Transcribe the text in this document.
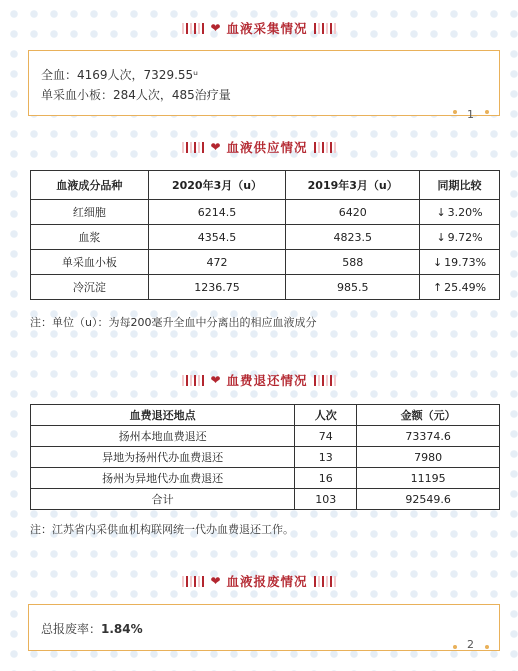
❤ 血液采集情况
全血：4169人次，7329.55ᵘ
单采血小板：284人次，485治疗量
1
❤ 血液供应情况
血液成分品种	2020年3月（u）	2019年3月（u）	同期比较
红细胞	6214.5	6420	↓ 3.20%
血浆	4354.5	4823.5	↓ 9.72%
单采血小板	472	588	↓ 19.73%
冷沉淀	1236.75	985.5	↑ 25.49%
注：单位（u）：为每200毫升全血中分离出的相应血液成分
❤ 血费退还情况
血费退还地点	人次	金额（元）
扬州本地血费退还	74	73374.6
异地为扬州代办血费退还	13	7980
扬州为异地代办血费退还	16	11195
合计	103	92549.6
注：江苏省内采供血机构联网统一代办血费退还工作。
❤ 血液报废情况
总报废率：1.84%
2
